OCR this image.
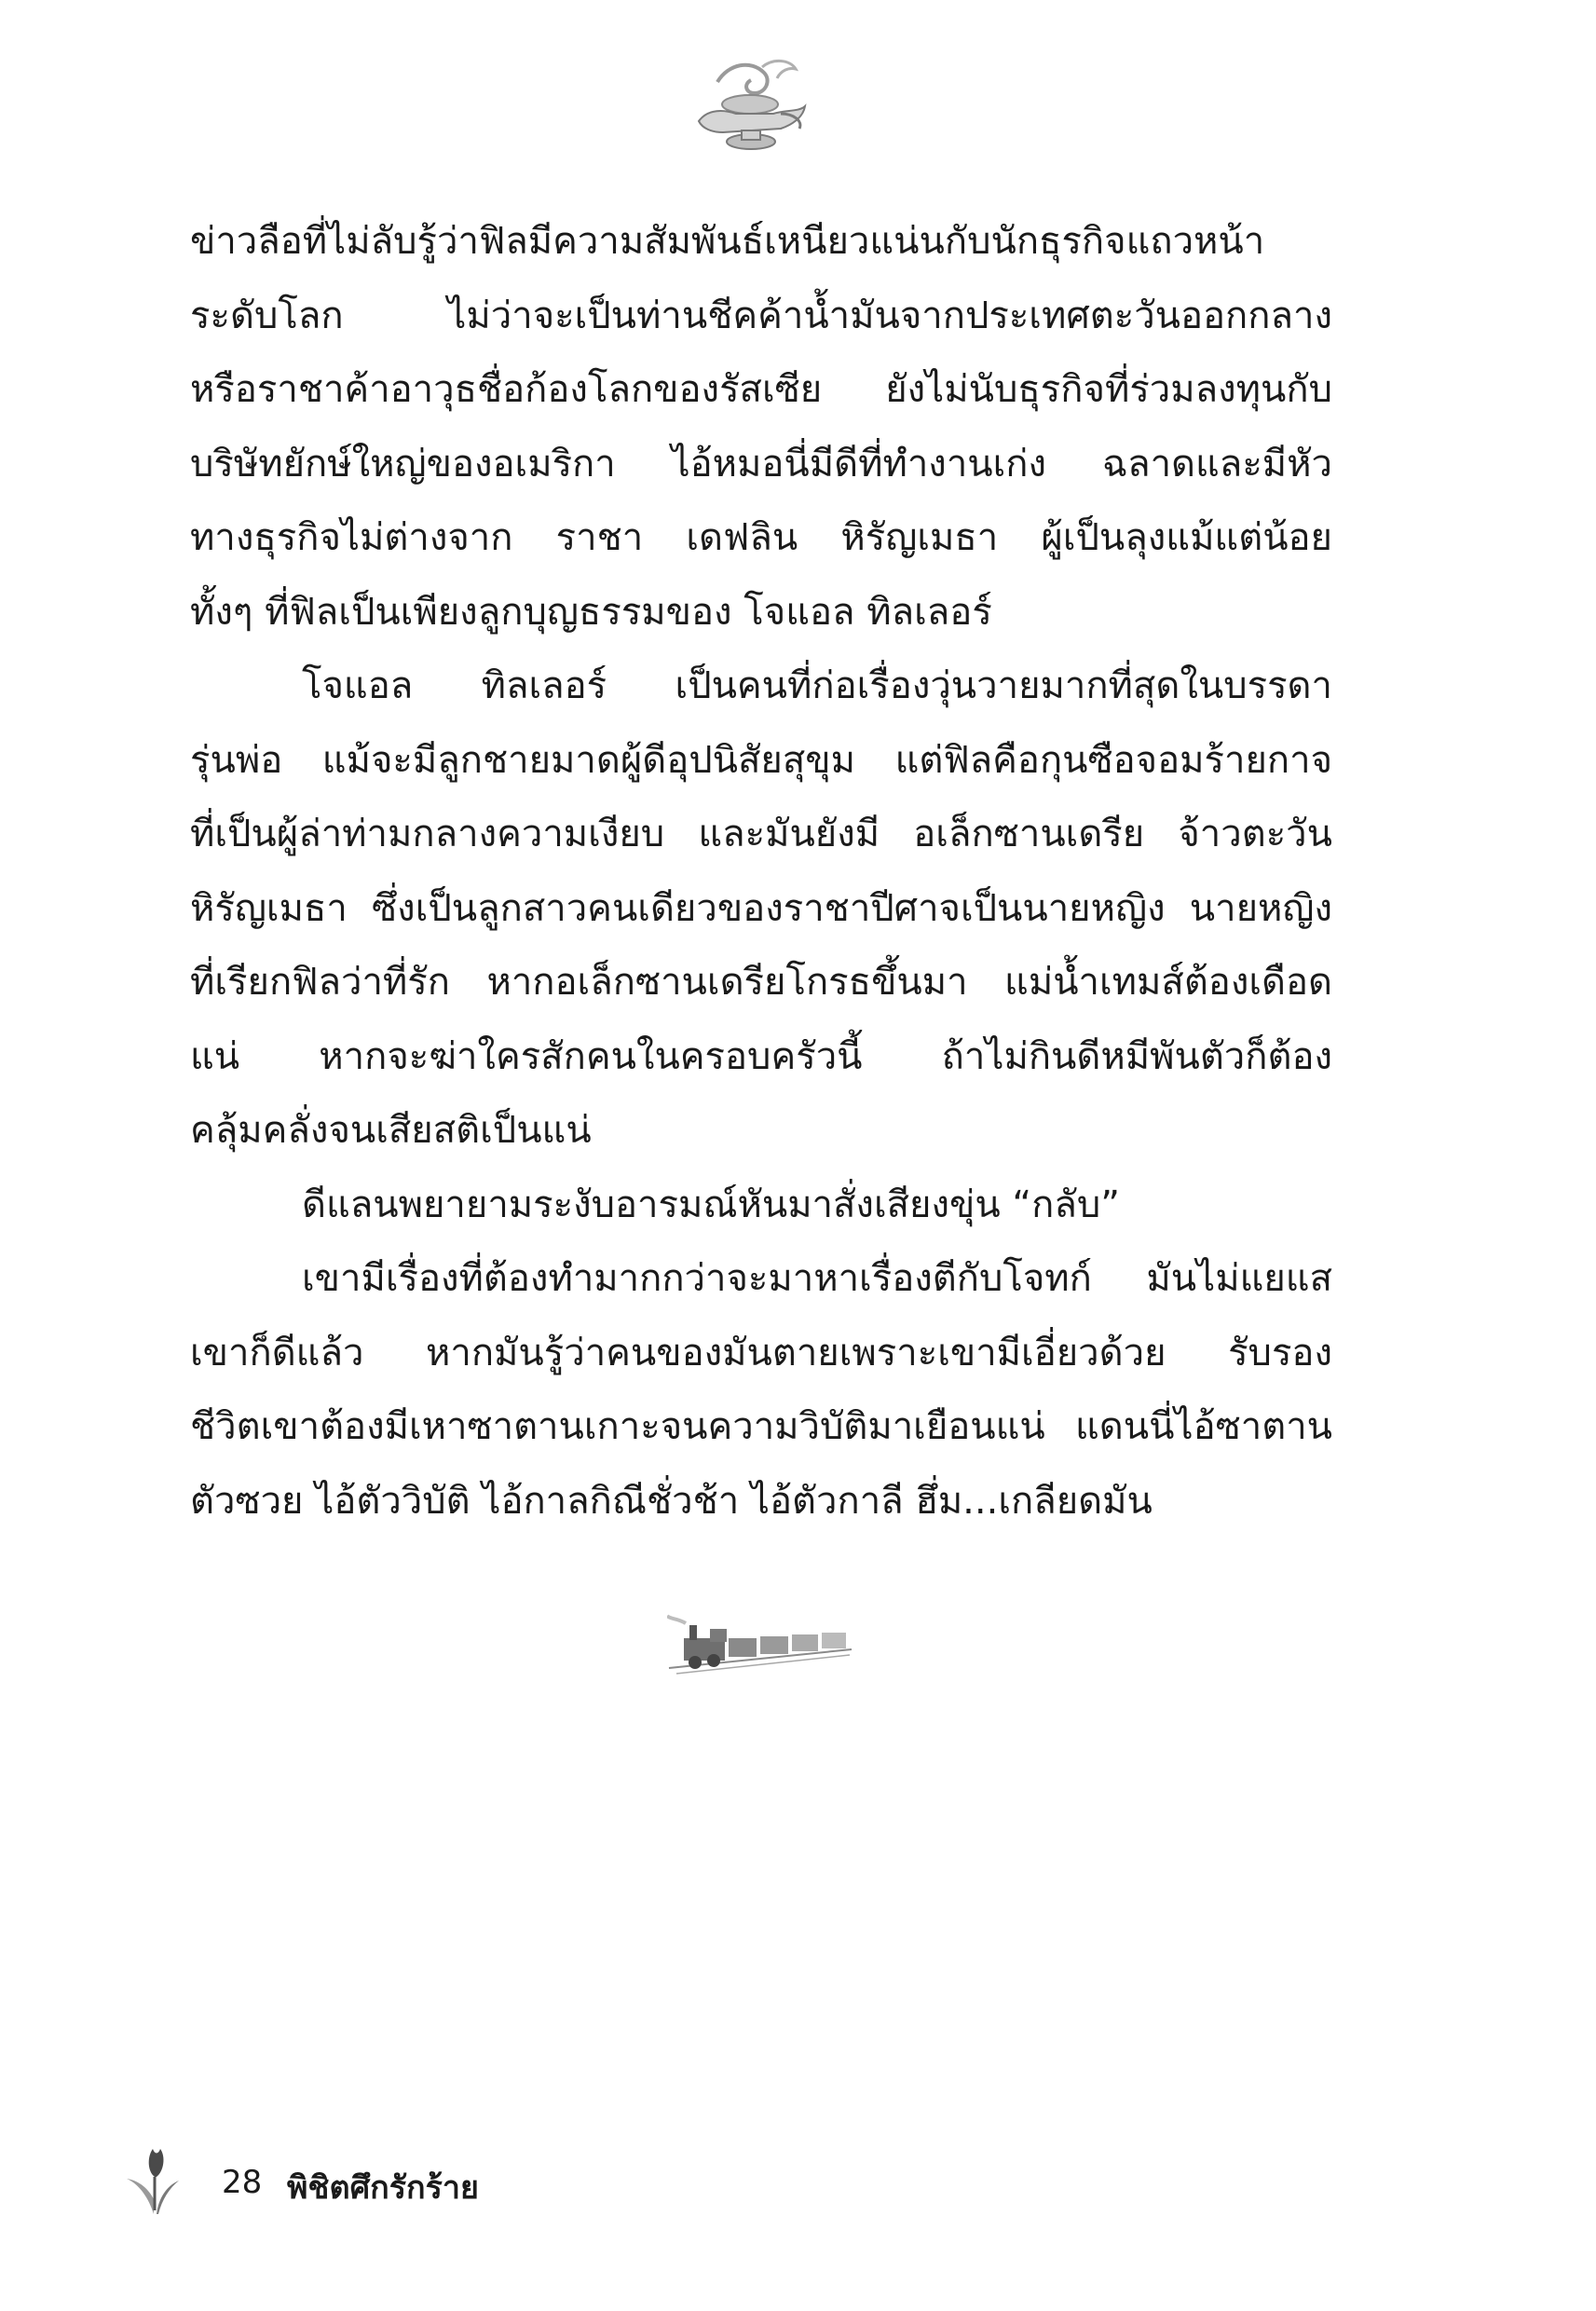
ข่าวลือที่ไม่ลับรู้ว่าฟิลมีความสัมพันธ์เหนียวแน่นกับนักธุรกิจแถวหน้า
ระดับโลก ไม่ว่าจะเป็นท่านชีคค้าน้ำมันจากประเทศตะวันออกกลาง
หรือราชาค้าอาวุธชื่อก้องโลกของรัสเซีย ยังไม่นับธุรกิจที่ร่วมลงทุนกับ
บริษัทยักษ์ใหญ่ของอเมริกา ไอ้หมอนี่มีดีที่ทำงานเก่ง ฉลาดและมีหัว
ทางธุรกิจไม่ต่างจาก ราชา เดฟลิน หิรัญเมธา ผู้เป็นลุงแม้แต่น้อย
ทั้งๆ ที่ฟิลเป็นเพียงลูกบุญธรรมของ โจแอล ทิลเลอร์
โจแอล ทิลเลอร์ เป็นคนที่ก่อเรื่องวุ่นวายมากที่สุดในบรรดา
รุ่นพ่อ แม้จะมีลูกชายมาดผู้ดีอุปนิสัยสุขุม แต่ฟิลคือกุนซือจอมร้ายกาจ
ที่เป็นผู้ล่าท่ามกลางความเงียบ และมันยังมี อเล็กซานเดรีย จ้าวตะวัน
หิรัญเมธา ซึ่งเป็นลูกสาวคนเดียวของราชาปีศาจเป็นนายหญิง นายหญิง
ที่เรียกฟิลว่าที่รัก หากอเล็กซานเดรียโกรธขึ้นมา แม่น้ำเทมส์ต้องเดือด
แน่ หากจะฆ่าใครสักคนในครอบครัวนี้ ถ้าไม่กินดีหมีพันตัวก็ต้อง
คลุ้มคลั่งจนเสียสติเป็นแน่
ดีแลนพยายามระงับอารมณ์หันมาสั่งเสียงขุ่น “กลับ”
เขามีเรื่องที่ต้องทำมากกว่าจะมาหาเรื่องตีกับโจทก์ มันไม่แยแส
เขาก็ดีแล้ว หากมันรู้ว่าคนของมันตายเพราะเขามีเอี่ยวด้วย รับรอง
ชีวิตเขาต้องมีเหาซาตานเกาะจนความวิบัติมาเยือนแน่ แดนนี่ไอ้ซาตาน
ตัวซวย ไอ้ตัววิบัติ ไอ้กาลกิณีชั่วช้า ไอ้ตัวกาลี ฮึ่ม...เกลียดมัน
28 พิชิตศึกรักร้าย
